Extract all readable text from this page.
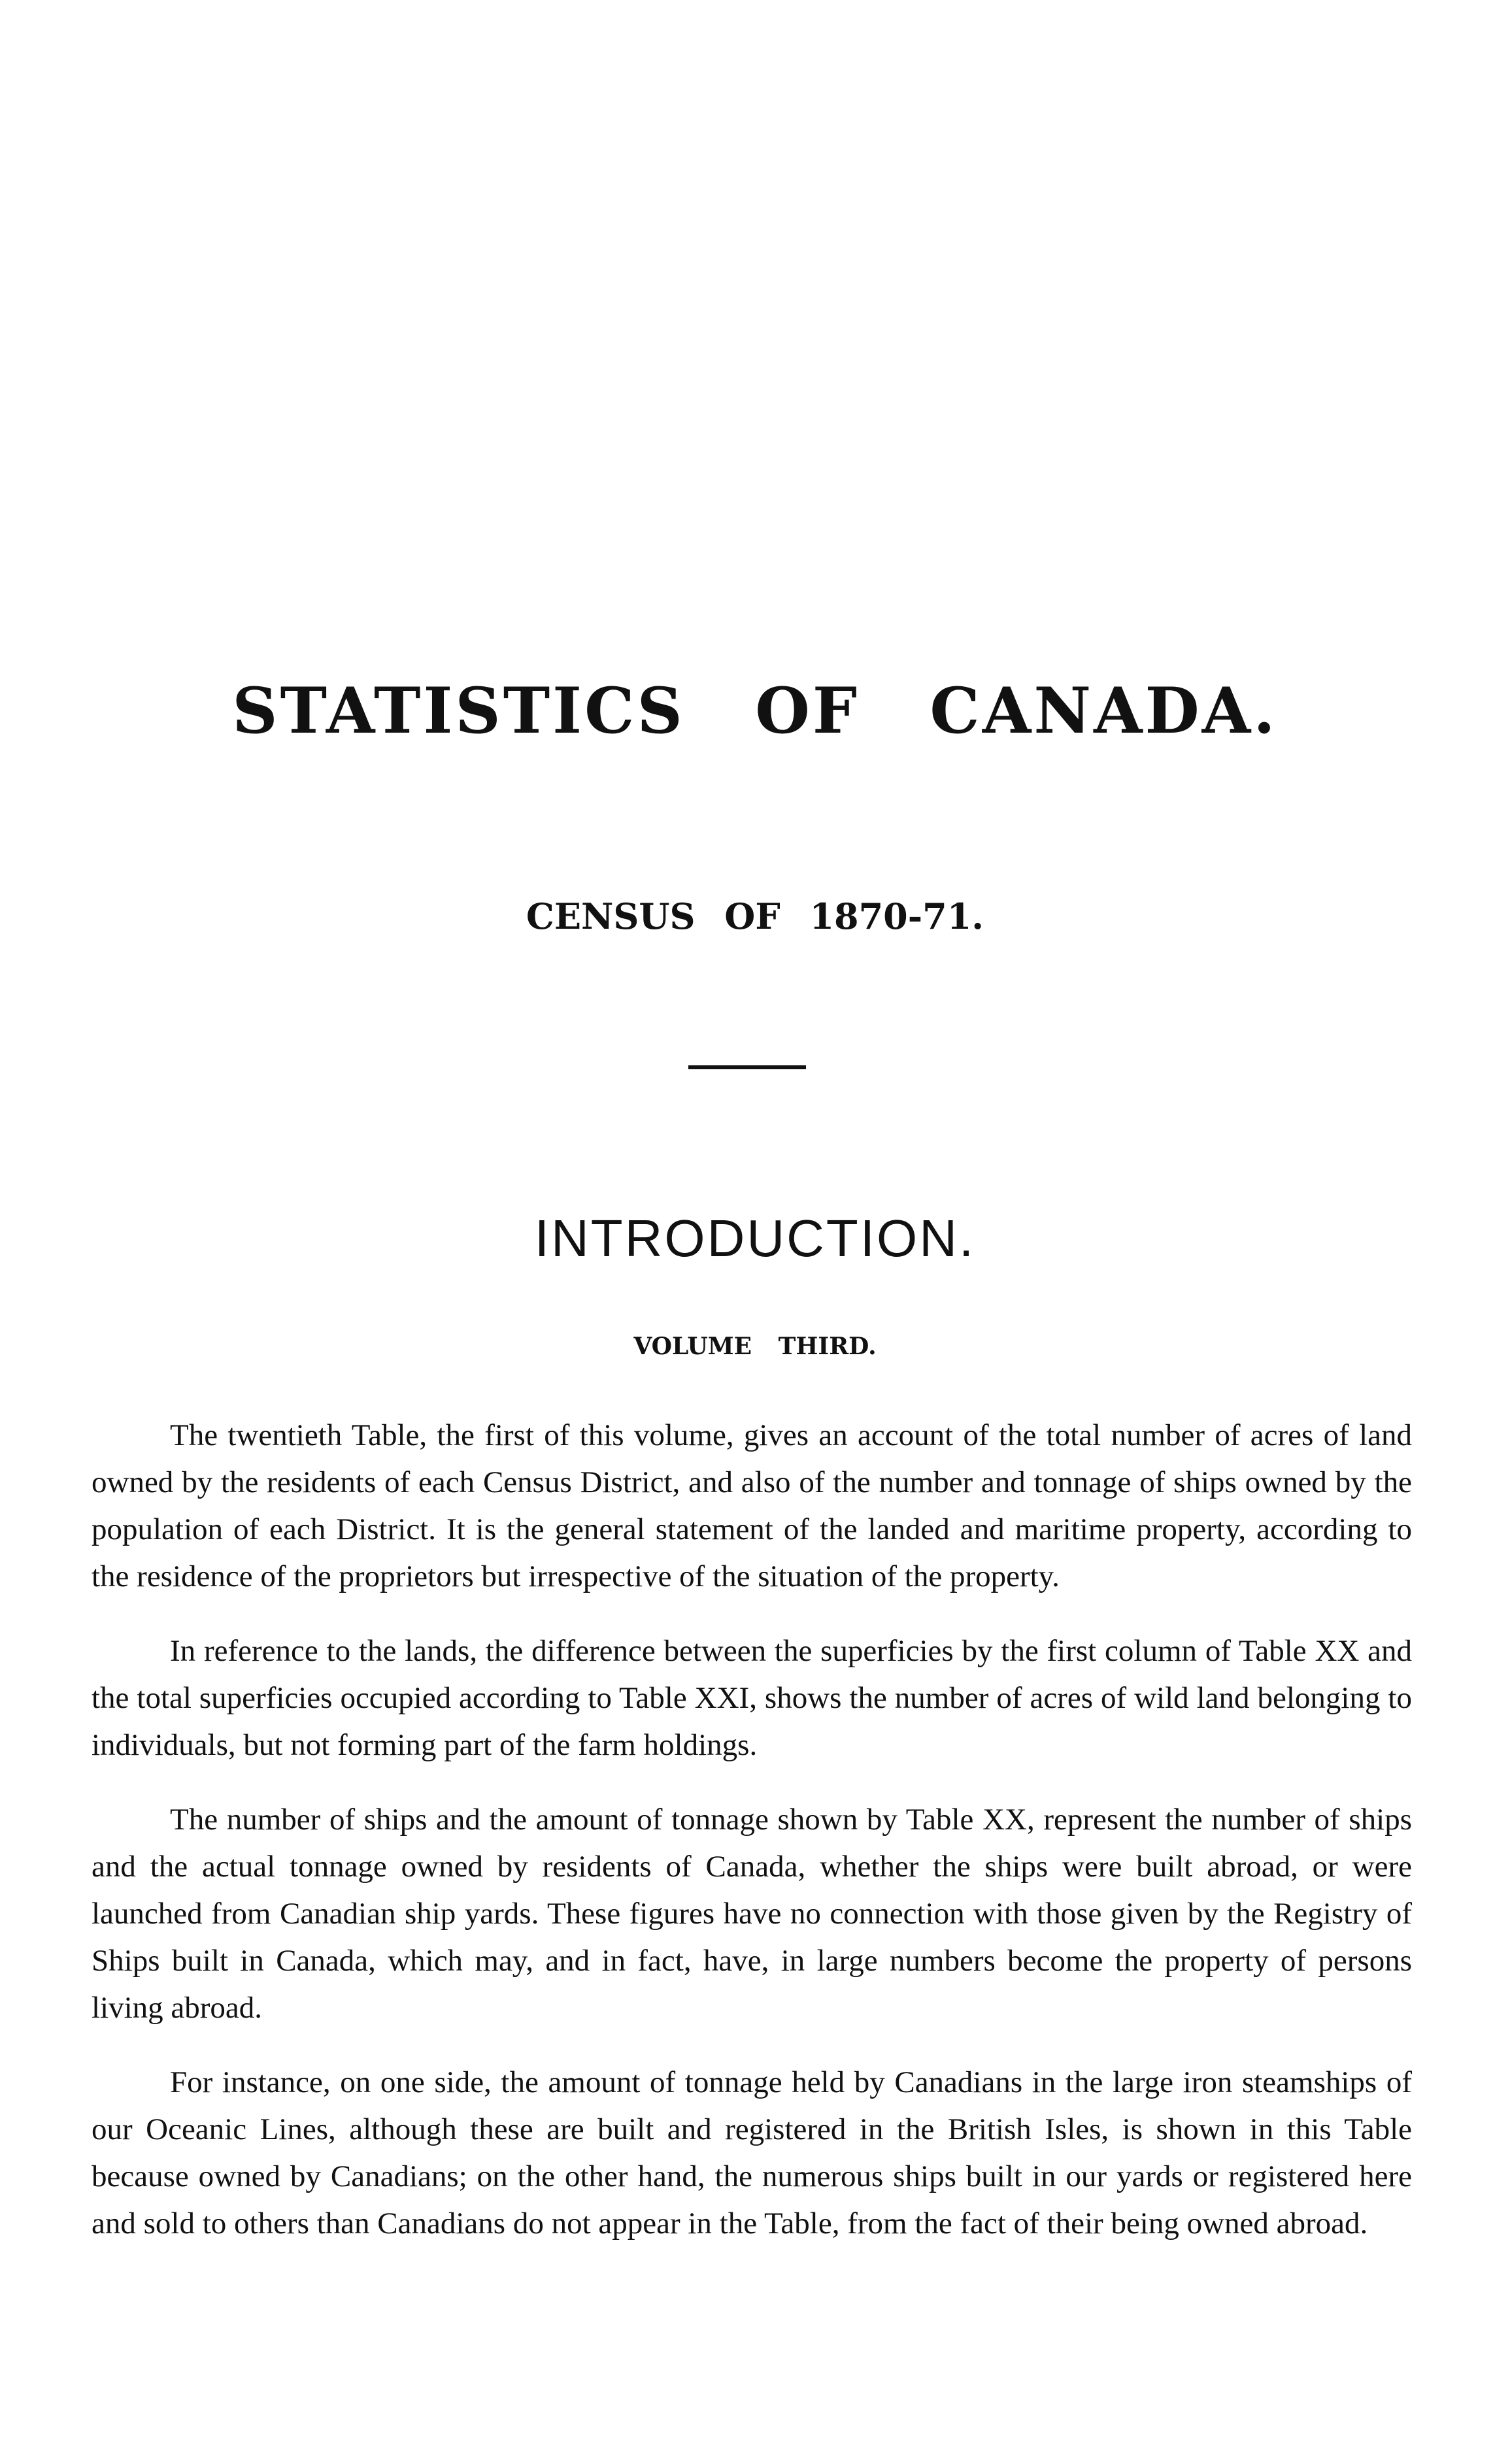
STATISTICS OF CANADA.
CENSUS OF 1870-71.
INTRODUCTION.
VOLUME THIRD.

The twentieth Table, the first of this volume, gives an account of the total number of acres of land owned by the residents of each Census District, and also of the number and tonnage of ships owned by the population of each District. It is the general statement of the landed and maritime property, according to the residence of the proprietors but irrespective of the situation of the property.

In reference to the lands, the difference between the superficies by the first column of Table XX and the total superficies occupied according to Table XXI, shows the number of acres of wild land belonging to individuals, but not forming part of the farm holdings.

The number of ships and the amount of tonnage shown by Table XX, represent the number of ships and the actual tonnage owned by residents of Canada, whether the ships were built abroad, or were launched from Canadian ship yards. These figures have no connection with those given by the Registry of Ships built in Canada, which may, and in fact, have, in large numbers become the property of persons living abroad.

For instance, on one side, the amount of tonnage held by Canadians in the large iron steamships of our Oceanic Lines, although these are built and registered in the British Isles, is shown in this Table because owned by Canadians; on the other hand, the numerous ships built in our yards or registered here and sold to others than Canadians do not appear in the Table, from the fact of their being owned abroad.
